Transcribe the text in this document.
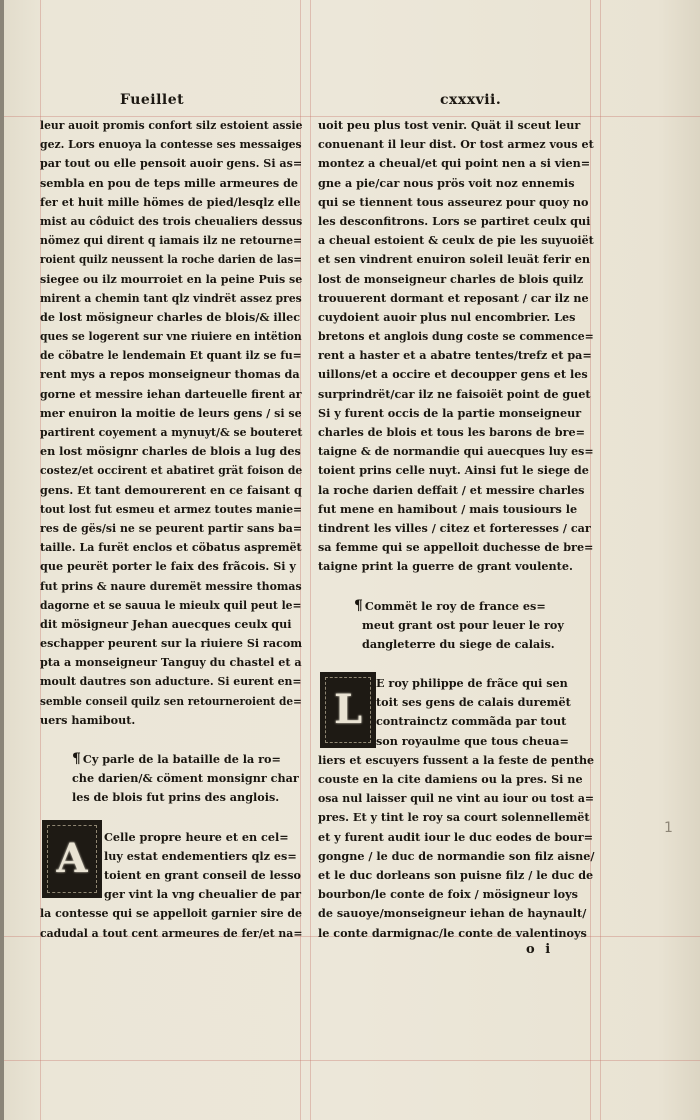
Fueillet	cxxxvii.
leur auoit promis confort silz estoient assie
gez. Lors enuoya la contesse ses messaiges
par tout ou elle pensoit auoir gens. Si as=
sembla en pou de teps mille armeures de
fer et huit mille hömes de pied/lesqlz elle
mist au côduict des trois cheualiers dessus
nömez qui dirent q iamais ilz ne retourne=
roient quilz neussent la roche darien de las=
siegee ou ilz mourroiet en la peine Puis se
mirent a chemin tant qlz vindrët assez pres
de lost mösigneur charles de blois/& illec
ques se logerent sur vne riuiere en intëtion
de cöbatre le lendemain Et quant ilz se fu=
rent mys a repos monseigneur thomas da
gorne et messire iehan darteuelle firent ar
mer enuiron la moitie de leurs gens / si se
partirent coyement a mynuyt/& se bouteret
en lost mösignr charles de blois a lug des
costez/et occirent et abatiret grät foison de
gens. Et tant demourerent en ce faisant q
tout lost fut esmeu et armez toutes manie=
res de gës/si ne se peurent partir sans ba=
taille. La furët enclos et cöbatus aspremët
que peurët porter le faix des frãcois. Si y
fut prins & naure duremët messire thomas
dagorne et se sauua le mieulx quil peut le=
dit mösigneur Jehan auecques ceulx qui
eschapper peurent sur la riuiere Si racom
pta a monseigneur Tanguy du chastel et a
moult dautres son aducture. Si eurent en=
semble conseil quilz sen retourneroient de=
uers hamibout.
¶ Cy parle de la bataille de la ro=
che darien/& cöment monsignr char
les de blois fut prins des anglois.
Celle propre heure et en cel=
luy estat endementiers qlz es=
toient en grant conseil de lesso
ger vint la vng cheualier de par
la contesse qui se appelloit garnier sire de
cadudal a tout cent armeures de fer/et na=
A
uoit peu plus tost venir. Quät il sceut leur
conuenant il leur dist. Or tost armez vous et
montez a cheual/et qui point nen a si vien=
gne a pie/car nous prös voit noz ennemis
qui se tiennent tous asseurez pour quoy no
les desconfitrons. Lors se partiret ceulx qui
a cheual estoient & ceulx de pie les suyuoiët
et sen vindrent enuiron soleil leuät ferir en
lost de monseigneur charles de blois quilz
trouuerent dormant et reposant / car ilz ne
cuydoient auoir plus nul encombrier. Les
bretons et anglois dung coste se commence=
rent a haster et a abatre tentes/trefz et pa=
uillons/et a occire et decoupper gens et les
surprindrët/car ilz ne faisoiët point de guet
Si y furent occis de la partie monseigneur
charles de blois et tous les barons de bre=
taigne & de normandie qui auecques luy es=
toient prins celle nuyt. Ainsi fut le siege de
la roche darien deffait / et messire charles
fut mene en hamibout / mais tousiours le
tindrent les villes / citez et forteresses / car
sa femme qui se appelloit duchesse de bre=
taigne print la guerre de grant voulente.
¶ Commët le roy de france es=
meut grant ost pour leuer le roy
dangleterre du siege de calais.
E roy philippe de frãce qui sen
toit ses gens de calais duremët
contrainctz commãda par tout
son royaulme que tous cheua=
liers et escuyers fussent a la feste de penthe
couste en la cite damiens ou la pres. Si ne
osa nul laisser quil ne vint au iour ou tost a=
pres. Et y tint le roy sa court solennellemët
et y furent audit iour le duc eodes de bour=
gongne / le duc de normandie son filz aisne/
et le duc dorleans son puisne filz / le duc de
bourbon/le conte de foix / mösigneur loys
de sauoye/monseigneur iehan de haynault/
le conte darmignac/le conte de valentinoys
L
o i
1
